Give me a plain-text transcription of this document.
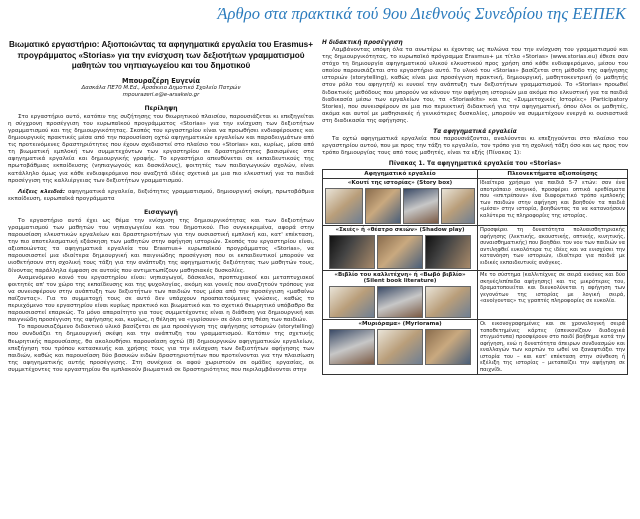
Άρθρο στα πρακτικά τού 9ου Διεθνούς Συνεδρίου της ΕΕΠΕΚ
Βιωματικό εργαστήριο: Αξιοποιώντας τα αφηγηματικά εργαλεία του Erasmus+ προγράμματος «Storias» για την ενίσχυση των δεξιοτήτων γραμματισμού μαθητών του νηπιαγωγείου και του δημοτικού
Μπουραζέρη Ευγενία
Δασκάλα ΠΕ70 Μ.Ed., Αρσάκειο Δημοτικό Σχολείο Πατρών
mpourazeri.e@e-arsakeio.gr
Περίληψη

Στο εργαστήριο αυτό, κατόπιν της συζήτησης του θεωρητικού πλαισίου, παρουσιάζεται κι επεξηγείται η σύγχρονη προσέγγιση του ευρωπαϊκού προγράμματος «Storias» για την ενίσχυση των δεξιοτήτων γραμματισμού και της δημιουργικότητας. Σκοπός του εργαστηρίου είναι να προωθήσει ενδιαφέρουσες και δημιουργικές πρακτικές μέσα από την παρουσίαση οχτώ αφηγηματικών εργαλείων και παραδειγμάτων από τις προτεινόμενες δραστηριότητες που έχουν σχεδιαστεί στο πλαίσιο του «Storias» και, κυρίως, μέσα από τη βιωματική εμπλοκή των συμμετεχόντων των εργαστηρίου σε δραστηριότητες βασισμένες στα αφηγηματικά εργαλεία και δημιουργικής γραφής. Το εργαστήριο απευθύνεται σε εκπαιδευτικούς της πρωτοβάθμιας εκπαίδευσης (νηπιαγωγούς και δασκάλους), φοιτητές των παιδαγωγικών σχολών, είναι κατάλληλο όμως για κάθε ενδιαφερόμενο που αναζητά ιδέες σχετικά με μια πιο ελκυστική για τα παιδιά προσέγγιση της καλλιέργειας των δεξιοτήτων γραμματισμού.

Λέξεις κλειδιά: αφηγηματικά εργαλεία, δεξιότητες γραμματισμού, δημιουργική σκέψη, πρωτοβάθμια εκπαίδευση, ευρωπαϊκά προγράμματα

Εισαγωγή

Το εργαστήριο αυτό έχει ως θέμα την ενίσχυση της δημιουργικότητας και των δεξιοτήτων γραμματισμού των μαθητών του νηπιαγωγείου και του δημοτικού. Πιο συγκεκριμένα, αφορά στην παρουσίαση ελκυστικών εργαλείων και δραστηριοτήτων για την ουσιαστική εμπλοκή και, κατ' επέκταση, την πιο αποτελεσματική εξάσκηση των μαθητών στην αφήγηση ιστοριών. Σκοπός του εργαστηρίου είναι, αξιοποιώντας τα αφηγηματικά εργαλεία του Erasmus+ ευρωπαϊκού προγράμματος «Storias», να παρουσιαστεί μια ιδιαίτερα δημιουργική και παιγνιώδης προσέγγιση που οι εκπαιδευτικοί μπορούν να υιοθετήσουν στη σχολική τους τάξη για την ανάπτυξη της αφηγηματικής δεξιότητας των μαθητών τους, δίνοντας παράλληλα έμφαση σε αυτούς που αντιμετωπίζουν μαθησιακές δυσκολίες.

Αναμενόμενο κοινό του εργαστηρίου είναι: νηπιαγωγοί, δάσκαλοι, προπτυχιακοί και μεταπτυχιακοί φοιτητές απ' τον χώρο της εκπαίδευσης και της ψυχολογίας, ακόμη και γονείς που αναζητούν τρόπους για να συνεισφέρουν στην ανάπτυξη των δεξιοτήτων των παιδιών τους μέσα από την προσέγγιση «μαθαίνω παίζοντας». Για το συμμετοχή τους σε αυτό δεν υπάρχουν προαπαιτούμενες γνώσεις, καθώς το περιεχόμενο του εργαστηρίου είναι κυρίως πρακτικό και βιωματικό και το σχετικό θεωρητικό υπόβαθρο θα παρουσιαστεί επαρκώς. Το μόνο απαραίτητο για τους συμμετέχοντες είναι η διάθεση για δημιουργική και παιγνιώδη προσέγγιση της αφήγησης και, κυρίως, η θέληση να «γυρίσουν» σε όλοι στη θέση των παιδιών.

Το παρουσιαζόμενο διδακτικό υλικό βασίζεται σε μια προσέγγιση της αφήγησης ιστοριών (storytelling) που συνδυάζει τη δημιουργική σκέψη και την ανάπτυξη του γραμματισμού. Κατόπιν της σχετικής θεωρητικής παρουσίασης, θα ακολουθήσει παρουσίαση οχτώ (8) δημιουργικών αφηγηματικών εργαλείων, επεξήγηση του τρόπου κατασκευής και χρήσης τους για την ενίσχυση των δεξιοτήτων αφήγησης των παιδιών, καθώς και παρουσίαση δύο βασικών ειδών δραστηριοτήτων που προτείνονται για την πλαισίωση της αφηγηματικής αυτής προσέγγισης. Στη συνέχεια οι αφού χωριστούν σε ομάδες εργασίας, οι συμμετέχοντες του εργαστηρίου θα εμπλακούν βιωματικά σε δραστηριότητες που περιλαμβάνονται στην

Η διδακτική προσέγγιση

Λαμβάνοντας υπόψη όλα τα ανωτέρω κι έχοντας ως πυλώνα του την ενίσχυση του γραμματισμού και της δημιουργικότητας, το ευρωπαϊκό πρόγραμμα Erasmus+ με τίτλο «Storias» (www.storias.eu) έθεσε σαν στόχο τη δημιουργία αφηγηματικού υλικού ελκυστικού προς χρήση από κάθε ενδιαφερόμενο, μέσου του οποίου παρουσιάζεται στο εργαστήριο αυτό. Το υλικό του «Storias» βασίζεται στη μέθοδο της αφήγησης ιστοριών (storytelling), καθώς είναι μια προσέγγιση πρακτική, δημιουργική, μαθητοκεντρική (ο μαθητής στον ρόλο του αφηγητή) κι ευνοεί την ανάπτυξη των δεξιοτήτων γραμματισμού. Το «Storias» προωθεί διδακτικές μεθόδους που μπορούν να κάνουν την αφήγηση ιστοριών μια ακόμα πιο ελκυστική για τα παιδιά διαδικασία μέσω των εργαλείων του, τα «Storiaskits» και τις «Συμμετοχικές Ιστορίες» (Participatory Stories), που συνεισφέρουν σε μια πιο περιεκτική διδακτική για την αφηγηματική, όπου όλοι οι μαθητές, ακόμα και αυτοί με μαθησιακές ή γενικότερες δυσκολίες, μπορούν να συμμετέχουν ενεργά κι ουσιαστικά στη διαδικασία της αφήγησης.

Τα αφηγηματικά εργαλεία

Τα οχτώ αφηγηματικά εργαλεία που παρουσιάζονται, αναλύονται κι επεξηγούνται στο πλαίσιο του εργαστηρίου αυτού, που με προς την τάξη το εργαλείο, τον τρόπο για τη σχολική τάξη όσο και ως προς τον τρόπο δημιουργίας τους από τους μαθητές, είναι τα εξής (Πίνακας 1):

Πίνακας 1. Τα αφηγηματικά εργαλεία του «Storias»
Αφηγηματικό εργαλείο	Πλεονεκτήματα αξιοποίησης

«Κουτί της ιστορίας» (Story box)	Ιδιαίτερα χρήσιμο για παιδιά 5-7 ετών: σαν ένα αποτρόπαιο σκηνικό, προσφέρει οπτικά ερεθίσματα που «επιτρέπουν» ένα διαφορετικό τρόπο εμπλοκής των παιδιών στην αφήγηση και βοηθούν τα παιδιά «μέσα» στην ιστορία, βοηθώντας τα να κατανοήσουν καλύτερα τις πληροφορίες της ιστορίας.

«Σκιές» ή «θέατρο σκιών» (Shadow play)	Προσφέρει τη δυνατότητα πολυαισθητηριακής αφήγησης (λεκτικής, ακουστικής, οπτικής, κινητικής, συναισθηματικής) που βοηθάει τον νου των παιδιών να αντιληφθεί ευκολότερα τις ιδέες και να ενισχύσει την κατανόηση των ιστοριών, ιδιαίτερα για παιδιά με ειδικές εκπαιδευτικές ανάγκες.

«Βιβλίο του καλλιτέχνη» ή «Βωβό βιβλίο» (Silent book literature)	Με το σύστημα (καλλιτέχνες σε σειρά εικόνες και δύο σκηνές/επίπεδα αφήγησης) και τις μικρότερες του, δραματοποιείται και διευκολύνεται η αφήγηση των γεγονότων της ιστορίας με λογική σειρά, «ανοίγοντας» τις γραπτές πληροφορίες σε ευκολία.

«Μυριόραμα» (Myriorama)	Οι εικονογραφημένες και σε χρονολογική σειρά τοποθετημένες κάρτες (απεικονίζουν διαδοχικά στιγμιότυπα) προσφέρουν στο παιδί βοήθημα κατά την αφήγηση, ενώ η δυνατότητα άπειρων συνδυασμών και εναλλαγών των καρτών το ωθεί να ξαναφτιάξει την ιστορία του – και κατ' επέκταση στην σύνθεση ή εξέλιξη της ιστορίας – μεταπαίζει την αφήγηση σε παιχνίδι.
